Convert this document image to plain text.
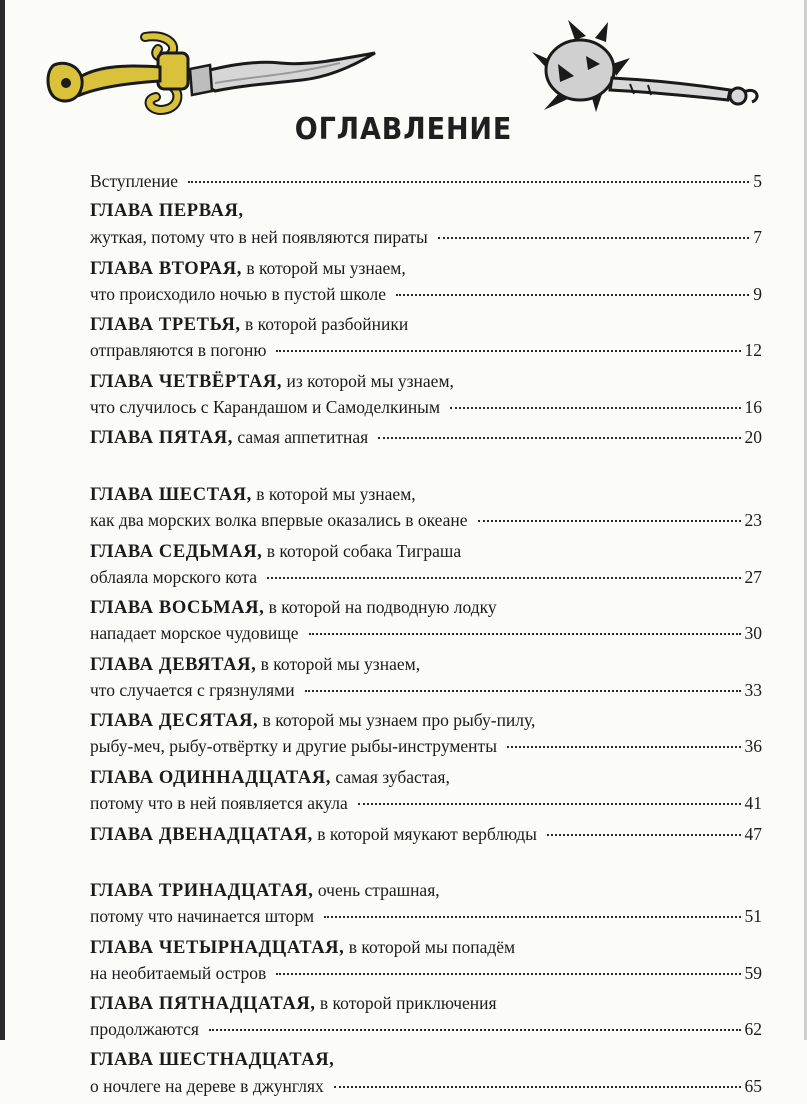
ОГЛАВЛЕНИЕ
Вступление	5
ГЛАВА ПЕРВАЯ,
жуткая, потому что в ней появляются пираты	7
ГЛАВА ВТОРАЯ, в которой мы узнаем,
что происходило ночью в пустой школе	9
ГЛАВА ТРЕТЬЯ, в которой разбойники
отправляются в погоню	12
ГЛАВА ЧЕТВЁРТАЯ, из которой мы узнаем,
что случилось с Карандашом и Самоделкиным	16
ГЛАВА ПЯТАЯ, самая аппетитная	20
ГЛАВА ШЕСТАЯ, в которой мы узнаем,
как два морских волка впервые оказались в океане	23
ГЛАВА СЕДЬМАЯ, в которой собака Тиграша
облаяла морского кота	27
ГЛАВА ВОСЬМАЯ, в которой на подводную лодку
нападает морское чудовище	30
ГЛАВА ДЕВЯТАЯ, в которой мы узнаем,
что случается с грязнулями	33
ГЛАВА ДЕСЯТАЯ, в которой мы узнаем про рыбу-пилу,
рыбу-меч, рыбу-отвёртку и другие рыбы-инструменты	36
ГЛАВА ОДИННАДЦАТАЯ, самая зубастая,
потому что в ней появляется акула	41
ГЛАВА ДВЕНАДЦАТАЯ, в которой мяукают верблюды	47
ГЛАВА ТРИНАДЦАТАЯ, очень страшная,
потому что начинается шторм	51
ГЛАВА ЧЕТЫРНАДЦАТАЯ, в которой мы попадём
на необитаемый остров	59
ГЛАВА ПЯТНАДЦАТАЯ, в которой приключения
продолжаются	62
ГЛАВА ШЕСТНАДЦАТАЯ,
о ночлеге на дереве в джунглях	65
